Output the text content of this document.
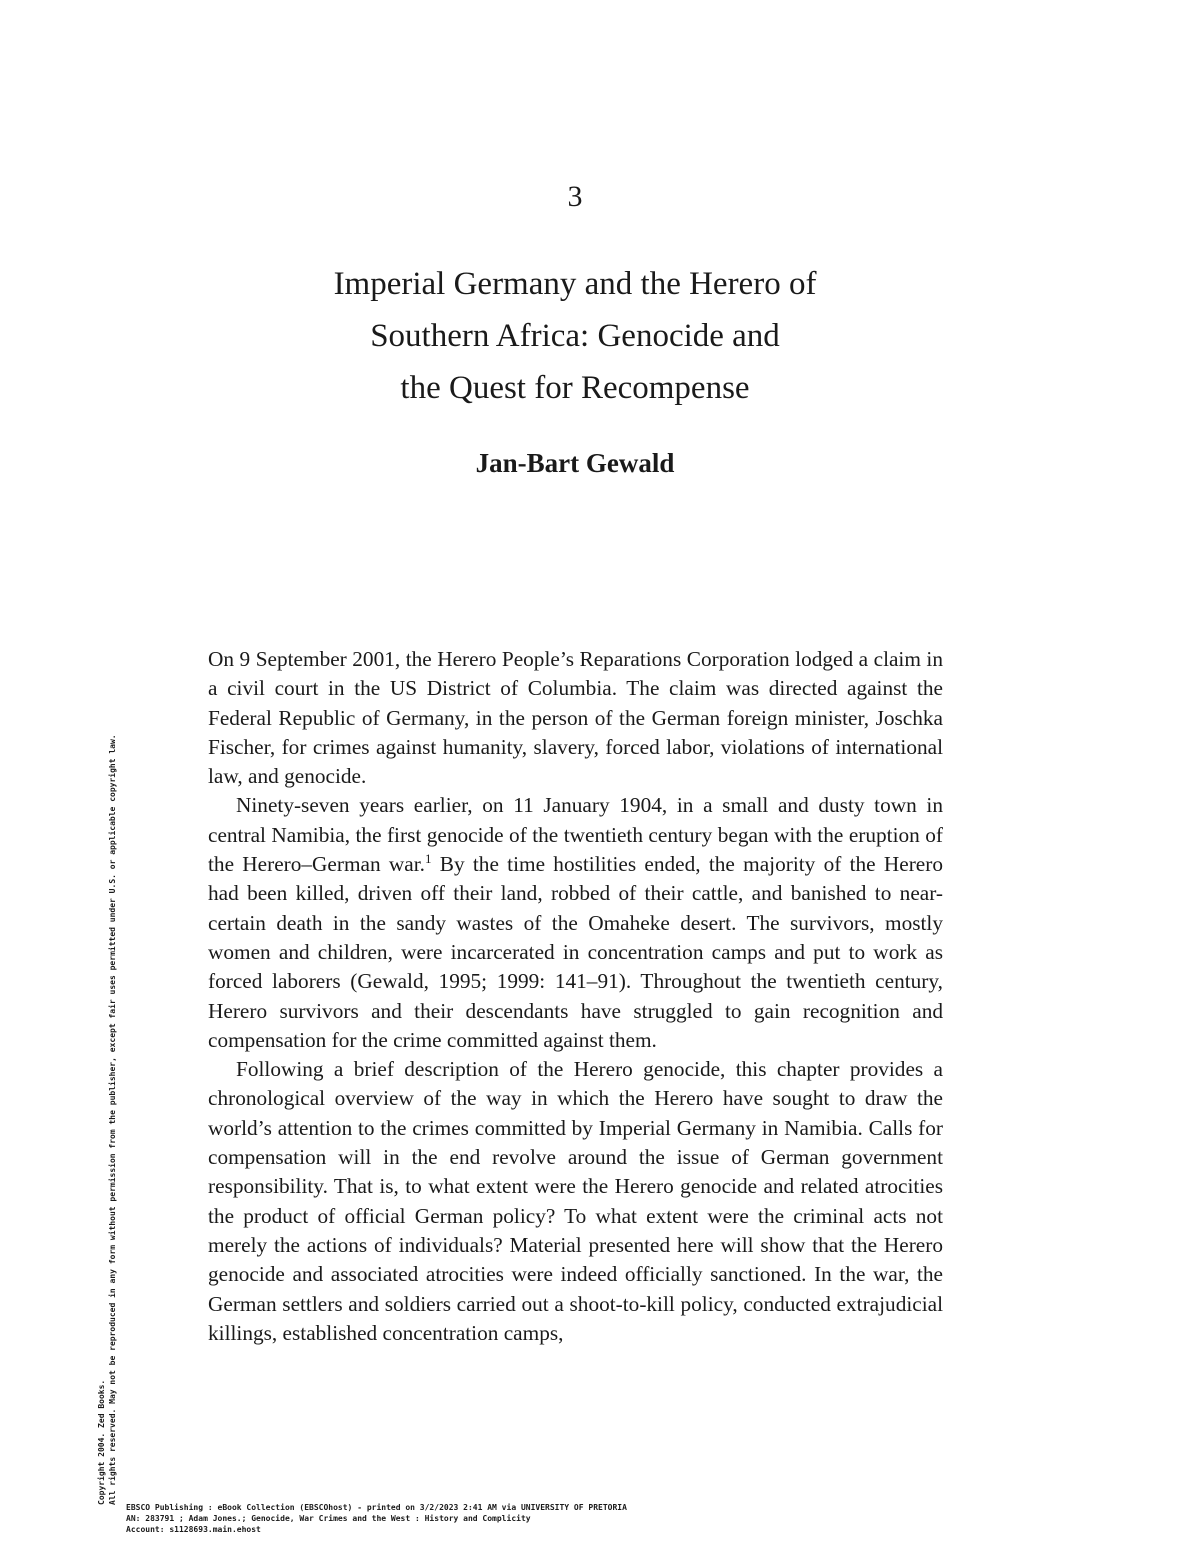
3
Imperial Germany and the Herero of
Southern Africa: Genocide and
the Quest for Recompense
Jan-Bart Gewald

On 9 September 2001, the Herero People’s Reparations Corporation lodged a claim in a civil court in the US District of Columbia. The claim was directed against the Federal Republic of Germany, in the person of the German foreign minister, Joschka Fischer, for crimes against humanity, slavery, forced labor, violations of international law, and genocide.

Ninety-seven years earlier, on 11 January 1904, in a small and dusty town in central Namibia, the first genocide of the twentieth century began with the eruption of the Herero–German war.$^1$ By the time hostilities ended, the majority of the Herero had been killed, driven off their land, robbed of their cattle, and banished to near-certain death in the sandy wastes of the Omaheke desert. The survivors, mostly women and children, were incarcerated in concentration camps and put to work as forced laborers (Gewald, 1995; 1999: 141–91). Throughout the twentieth century, Herero survivors and their descendants have struggled to gain recognition and compensation for the crime committed against them.

Following a brief description of the Herero genocide, this chapter provides a chronological overview of the way in which the Herero have sought to draw the world’s attention to the crimes committed by Imperial Germany in Namibia. Calls for compensation will in the end revolve around the issue of German government responsibility. That is, to what extent were the Herero genocide and related atrocities the product of official German policy? To what extent were the criminal acts not merely the actions of individuals? Material presented here will show that the Herero genocide and associated atrocities were indeed officially sanctioned. In the war, the German settlers and soldiers carried out a shoot-to-kill policy, conducted extrajudicial killings, established concentration camps,

Copyright 2004. Zed Books. All rights reserved. May not be reproduced in any form without permission from the publisher, except fair uses permitted under U.S. or applicable copyright law.
EBSCO Publishing : eBook Collection (EBSCOhost) - printed on 3/2/2023 2:41 AM via UNIVERSITY OF PRETORIA
AN: 283791 ; Adam Jones.; Genocide, War Crimes and the West : History and Complicity
Account: s1128693.main.ehost
